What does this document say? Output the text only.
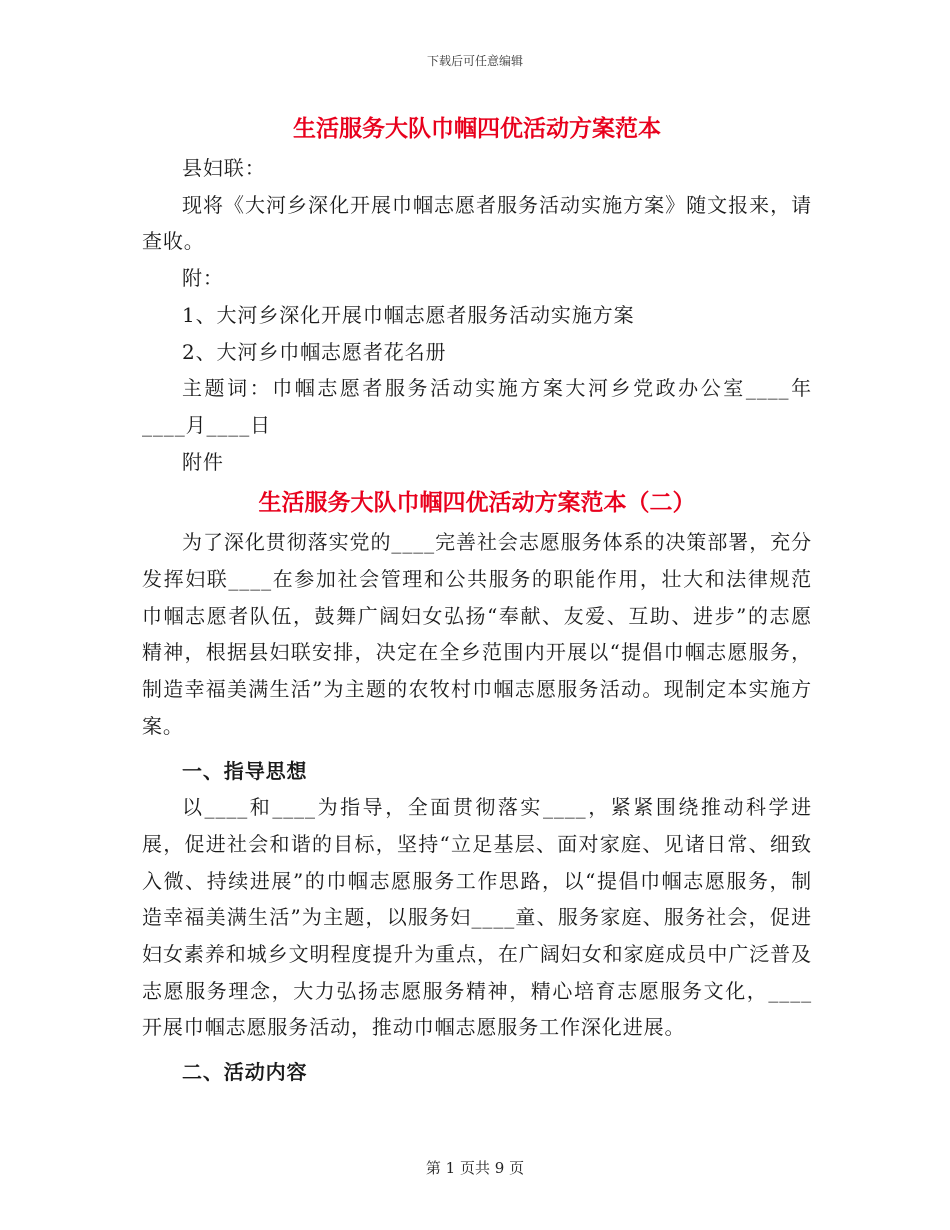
下载后可任意编辑
生活服务大队巾帼四优活动方案范本

县妇联：

现将《大河乡深化开展巾帼志愿者服务活动实施方案》随文报来，请查收。

附：

1、大河乡深化开展巾帼志愿者服务活动实施方案

2、大河乡巾帼志愿者花名册

主题词：巾帼志愿者服务活动实施方案大河乡党政办公室____年____月____日

附件

生活服务大队巾帼四优活动方案范本（二）

为了深化贯彻落实党的____完善社会志愿服务体系的决策部署，充分发挥妇联____在参加社会管理和公共服务的职能作用，壮大和法律规范巾帼志愿者队伍，鼓舞广阔妇女弘扬“奉献、友爱、互助、进步”的志愿精神，根据县妇联安排，决定在全乡范围内开展以“提倡巾帼志愿服务，制造幸福美满生活”为主题的农牧村巾帼志愿服务活动。现制定本实施方案。

一、指导思想

以____和____为指导，全面贯彻落实____，紧紧围绕推动科学进展，促进社会和谐的目标，坚持“立足基层、面对家庭、见诸日常、细致入微、持续进展”的巾帼志愿服务工作思路，以“提倡巾帼志愿服务，制造幸福美满生活”为主题，以服务妇____童、服务家庭、服务社会，促进妇女素养和城乡文明程度提升为重点，在广阔妇女和家庭成员中广泛普及志愿服务理念，大力弘扬志愿服务精神，精心培育志愿服务文化，____开展巾帼志愿服务活动，推动巾帼志愿服务工作深化进展。

二、活动内容

第 1 页共 9 页
